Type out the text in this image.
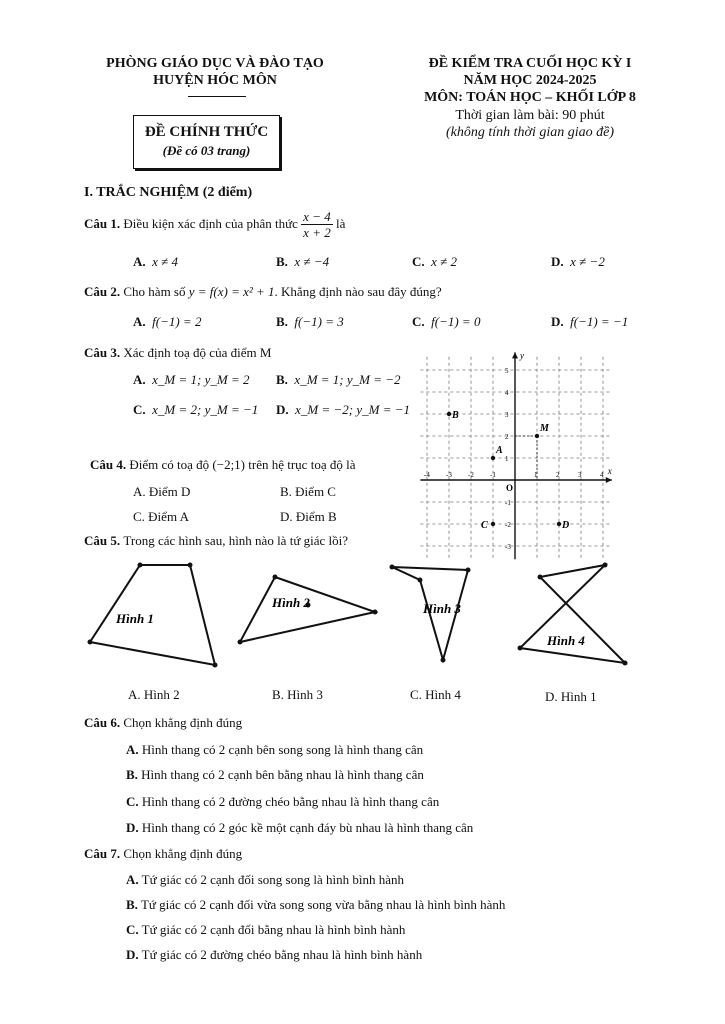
PHÒNG GIÁO DỤC VÀ ĐÀO TẠO
HUYỆN HÓC MÔN
ĐỀ KIỂM TRA CUỐI HỌC KỲ I
NĂM HỌC 2024-2025
MÔN: TOÁN HỌC – KHỐI LỚP 8
Thời gian làm bài: 90 phút
(không tính thời gian giao đề)
ĐỀ CHÍNH THỨC
(Đề có 03 trang)
I. TRẮC NGHIỆM (2 điểm)
Câu 1.
Điều kiện xác định của phân thức
$\frac{x - 4}{x + 2}$
là
A. x ≠ 4	B. x ≠ −4	C. x ≠ 2	D. x ≠ −2
Câu 2. Cho hàm số y = f(x) = x² + 1. Khẳng định nào sau đây đúng?
A. f(−1) = 2	B. f(−1) = 3	C. f(−1) = 0	D. f(−1) = −1
Câu 3. Xác định toạ độ của điểm M
A. x_M = 1; y_M = 2 B. x_M = 1; y_M = −2
C. x_M = 2; y_M = −1 D. x_M = −2; y_M = −1
Câu 4. Điểm có toạ độ (−2;1) trên hệ trục toạ độ là
A. Điểm D	B. Điểm C
C. Điểm A	D. Điểm B
x
y
O
-4 -3 -2 -1	1	2	3	4
5
4
3
2
1
-1
-2
-3
B
M
A
C	D
Câu 5. Trong các hình sau, hình nào là tứ giác lồi?
Hình 1
Hình 2	Hình 3
Hình 4
A. Hình 2	B. Hình 3	C. Hình 4	D. Hình 1
Câu 6. Chọn khẳng định đúng
A. Hình thang có 2 cạnh bên song song là hình thang cân
B. Hình thang có 2 cạnh bên bằng nhau là hình thang cân
C. Hình thang có 2 đường chéo bằng nhau là hình thang cân
D. Hình thang có 2 góc kề một cạnh đáy bù nhau là hình thang cân
Câu 7. Chọn khẳng định đúng
A. Tứ giác có 2 cạnh đối song song là hình bình hành
B. Tứ giác có 2 cạnh đối vừa song song vừa bằng nhau là hình bình hành
C. Tứ giác có 2 cạnh đối bằng nhau là hình bình hành
D. Tứ giác có 2 đường chéo bằng nhau là hình bình hành
